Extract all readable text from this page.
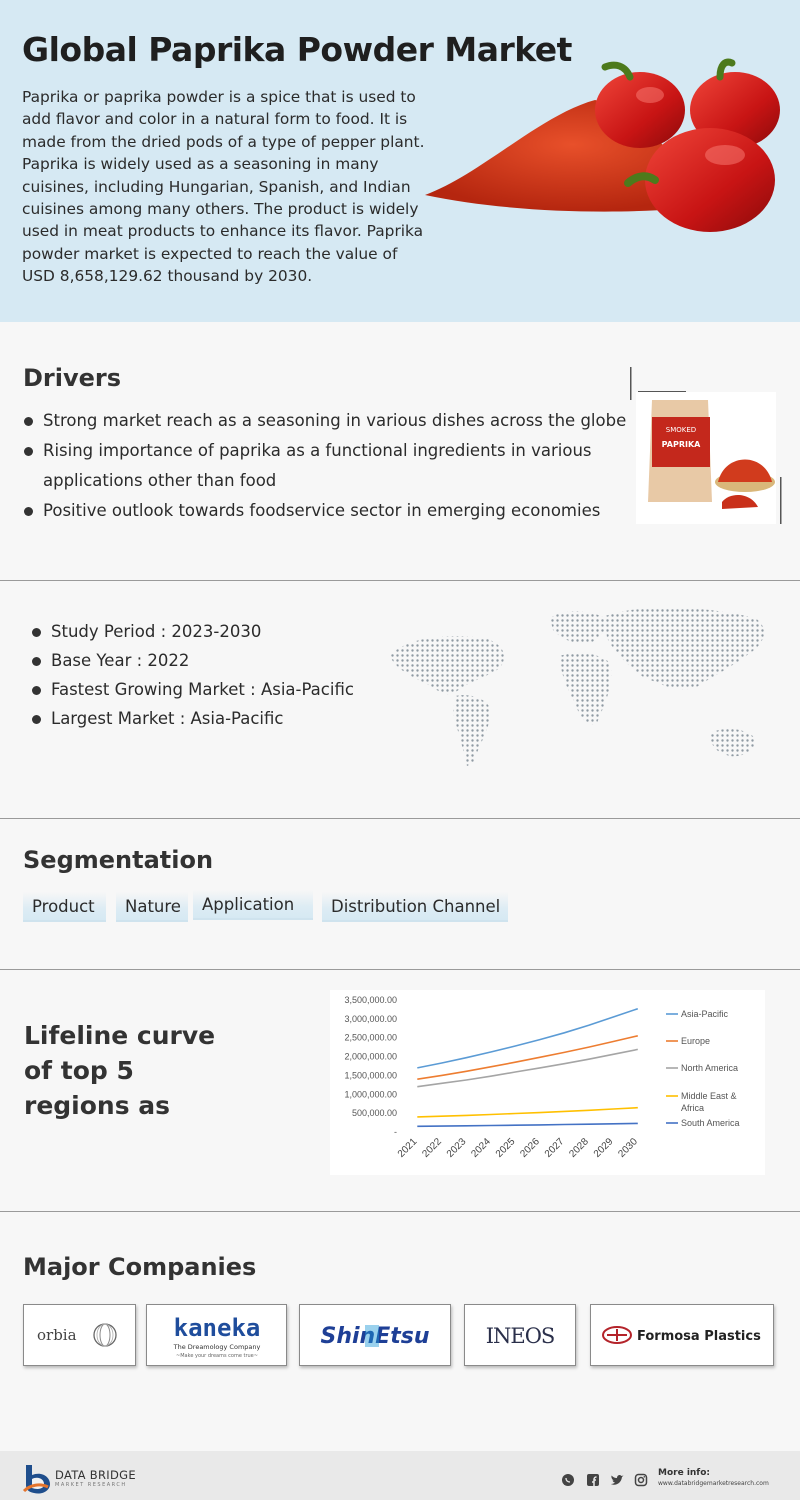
Global Paprika Powder Market
Paprika or paprika powder is a spice that is used to add flavor and color in a natural form to food. It is made from the dried pods of a type of pepper plant. Paprika is widely used as a seasoning in many cuisines, including Hungarian, Spanish, and Indian cuisines among many others. The product is widely used in meat products to enhance its flavor. Paprika powder market is expected to reach the value of USD 8,658,129.62 thousand by 2030.
Drivers
Strong market reach as a seasoning in various dishes across the globe
Rising importance of paprika as a functional ingredients in various applications other than food
Positive outlook towards foodservice sector in emerging economies
SMOKED
PAPRIKA
Study Period : 2023-2030
Base Year : 2022
Fastest Growing Market : Asia-Pacific
Largest Market : Asia-Pacific
Segmentation
Product	Nature	Application	Distribution Channel
Lifeline curve of top 5 regions as
3,500,000.00
3,000,000.00
2,500,000.00
2,000,000.00
1,500,000.00
1,000,000.00
500,000.00
-
2021 2022 2023 2024 2025 2026 2027 2028 2029 2030
Asia-Pacific
Europe
North America
Middle East &
Africa
South America
Major Companies
orbia	kaneka
The Dreamology Company
~Make your dreams come true~
ShinEtsu	INEOS	Formosa Plastics
DATA BRIDGE
MARKET RESEARCH
More info:
www.databridgemarketresearch.com
